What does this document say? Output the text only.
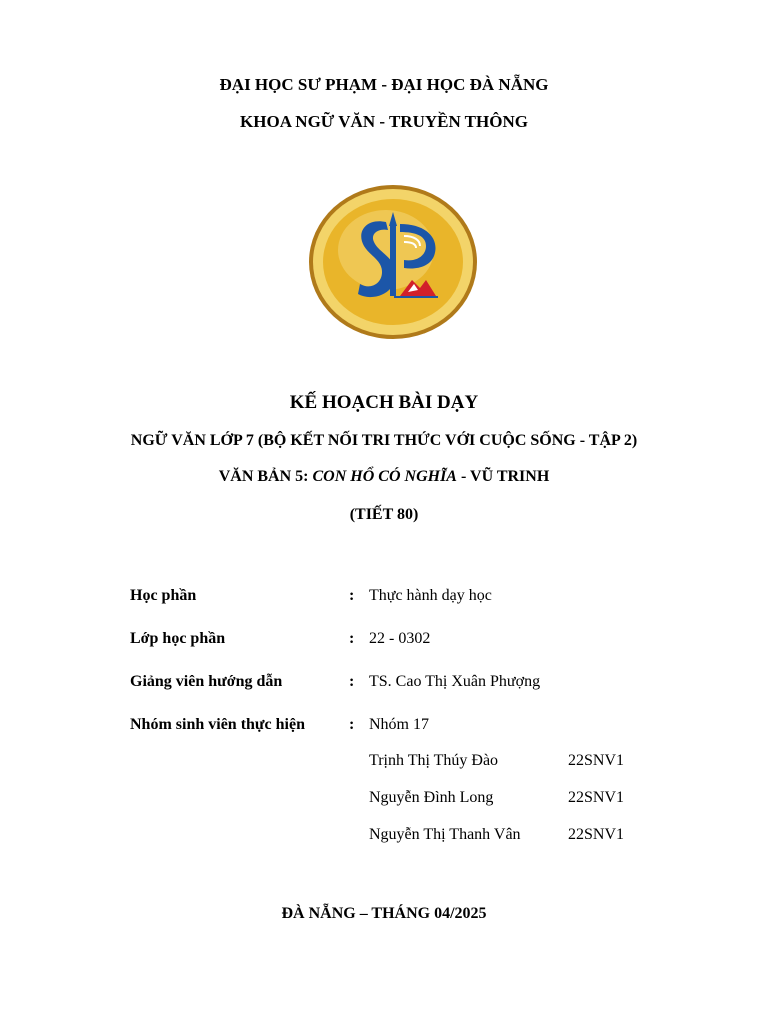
ĐẠI HỌC SƯ PHẠM - ĐẠI HỌC ĐÀ NẴNG
KHOA NGỮ VĂN - TRUYỀN THÔNG
KẾ HOẠCH BÀI DẠY
NGỮ VĂN LỚP 7 (BỘ KẾT NỐI TRI THỨC VỚI CUỘC SỐNG - TẬP 2)
VĂN BẢN 5: CON HỔ CÓ NGHĨA - VŨ TRINH
(TIẾT 80)
Học phần	: Thực hành dạy học
Lớp học phần	: 22 - 0302
Giảng viên hướng dẫn	: TS. Cao Thị Xuân Phượng
Nhóm sinh viên thực hiện	: Nhóm 17
Trịnh Thị Thúy Đào	22SNV1
Nguyễn Đình Long	22SNV1
Nguyễn Thị Thanh Vân	22SNV1
ĐÀ NẴNG – THÁNG 04/2025
